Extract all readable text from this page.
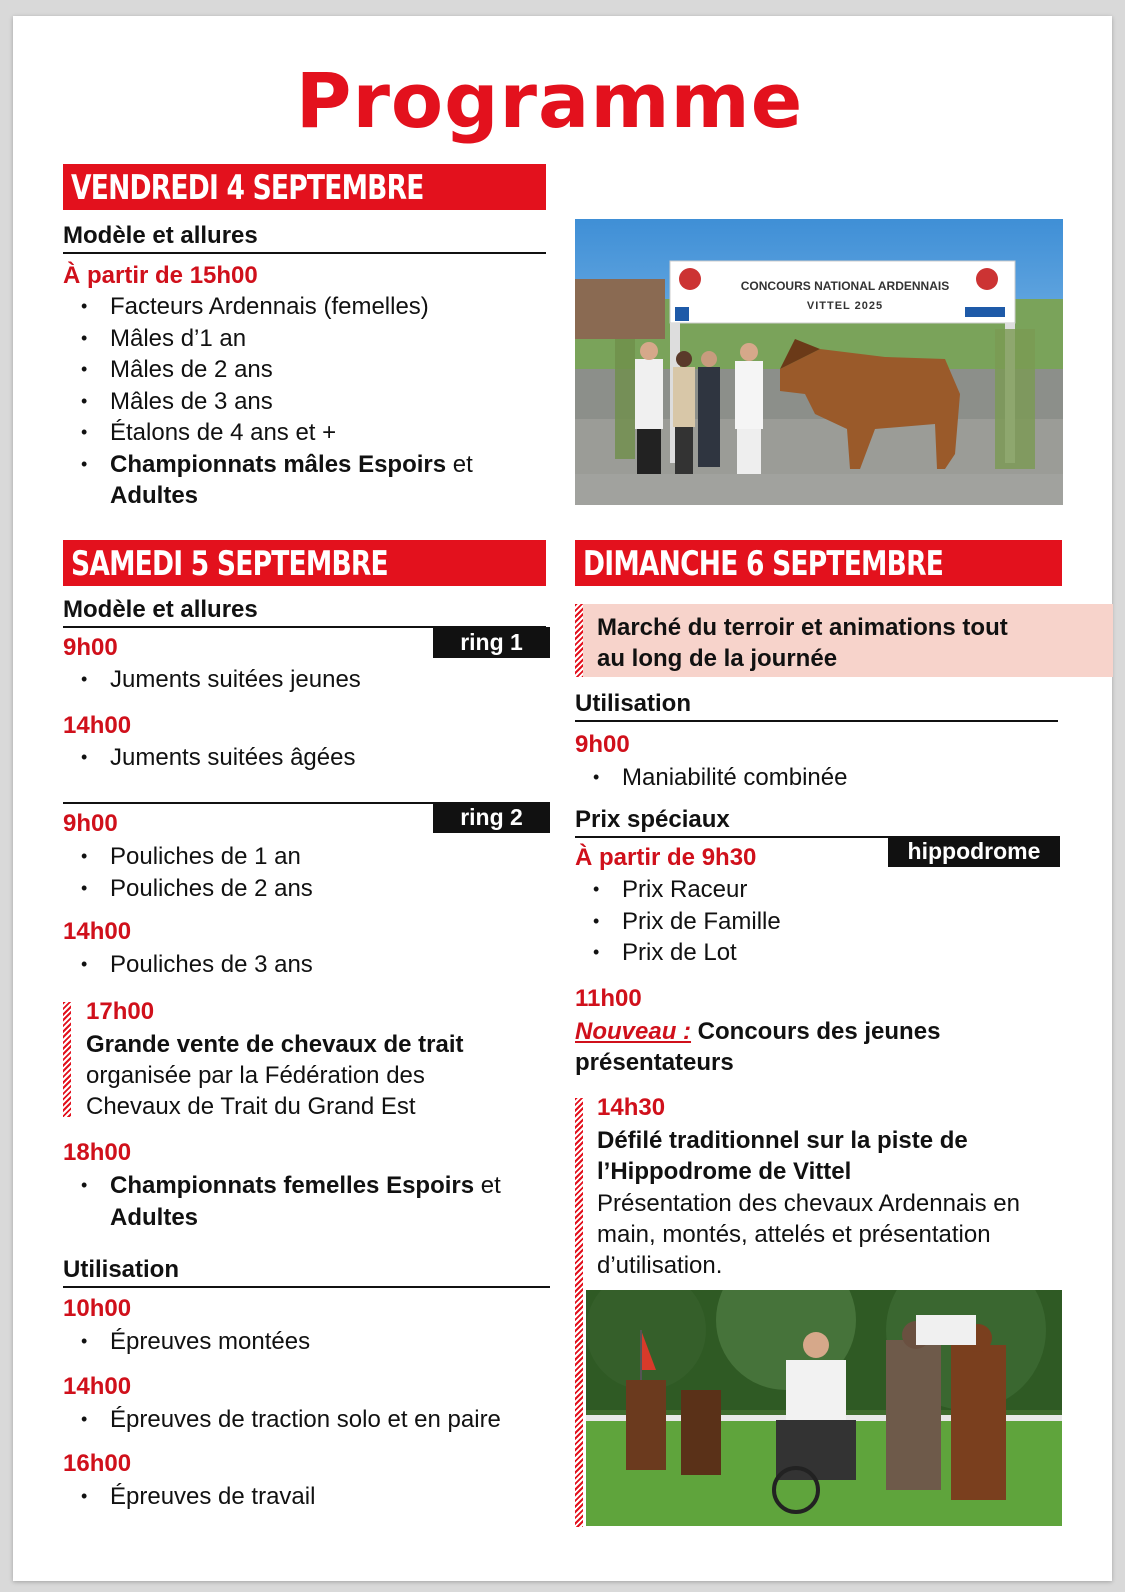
Programme
VENDREDI 4 SEPTEMBRE
Modèle et allures
À partir de 15h00
• Facteurs Ardennais (femelles)
• Mâles d’1 an
• Mâles de 2 ans
• Mâles de 3 ans
• Étalons de 4 ans et +
• Championnats mâles Espoirs et
Adultes
CONCOURS NATIONAL ARDENNAIS
VITTEL 2025
SAMEDI 5 SEPTEMBRE
Modèle et allures
ring 1
9h00
• Juments suitées jeunes
14h00
• Juments suitées âgées
ring 2
9h00
• Pouliches de 1 an
• Pouliches de 2 ans
14h00
• Pouliches de 3 ans
17h00
Grande vente de chevaux de trait
organisée par la Fédération des
Chevaux de Trait du Grand Est
18h00
• Championnats femelles Espoirs et
Adultes
Utilisation
10h00
• Épreuves montées
14h00
• Épreuves de traction solo et en paire
16h00
• Épreuves de travail
DIMANCHE 6 SEPTEMBRE
Marché du terroir et animations tout
au long de la journée
Utilisation
9h00
• Maniabilité combinée
Prix spéciaux
hippodrome
À partir de 9h30
• Prix Raceur
• Prix de Famille
• Prix de Lot
11h00
Nouveau : Concours des jeunes
présentateurs
14h30
Défilé traditionnel sur la piste de
l’Hippodrome de Vittel
Présentation des chevaux Ardennais en
main, montés, attelés et présentation
d’utilisation.
